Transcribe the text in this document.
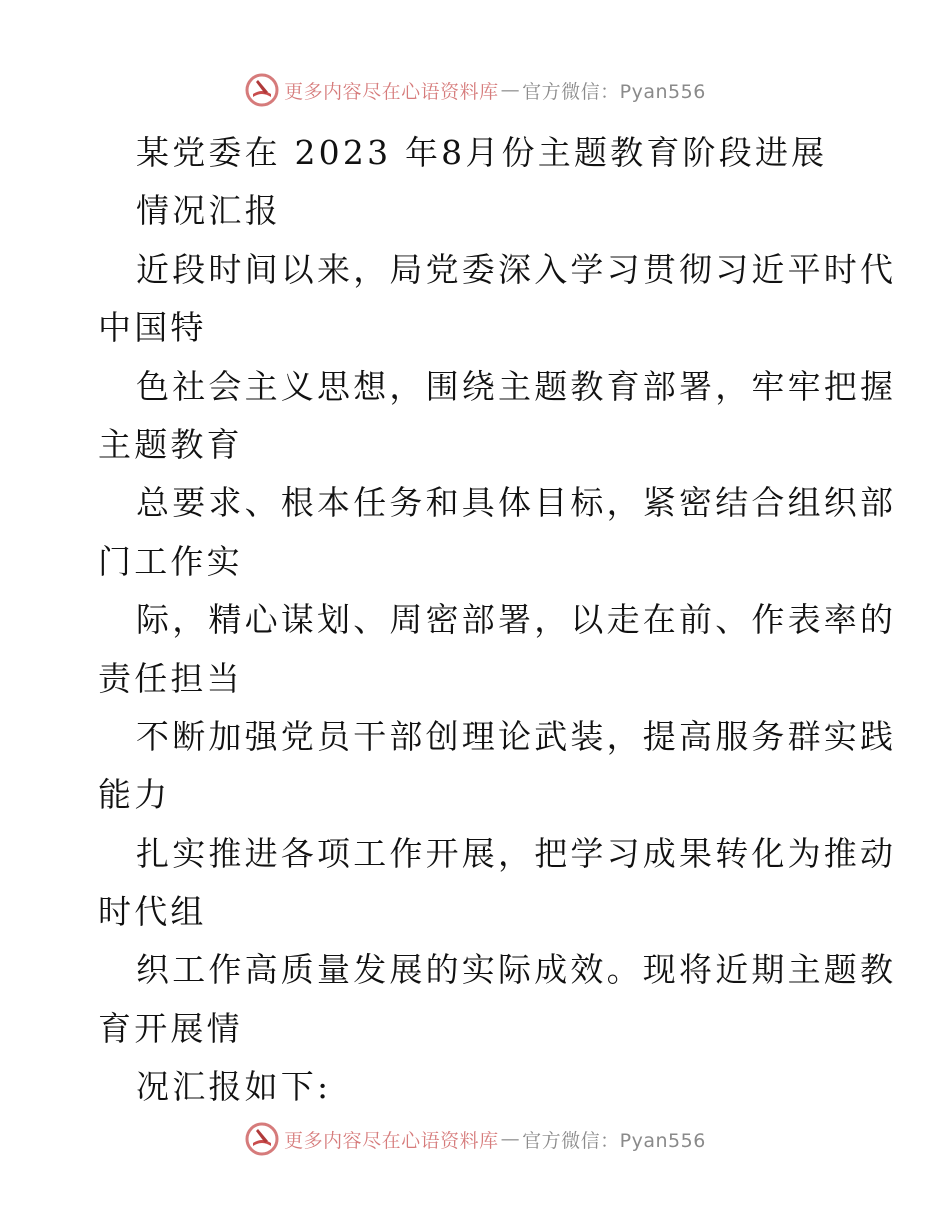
更多内容尽在心语资料库 — 官方微信：Pyan556
某党委在 2023 年8月份主题教育阶段进展
情况汇报
近段时间以来，局党委深入学习贯彻习近平时代
中国特
色社会主义思想，围绕主题教育部署，牢牢把握
主题教育
总要求、根本任务和具体目标，紧密结合组织部
门工作实
际，精心谋划、周密部署，以走在前、作表率的
责任担当
不断加强党员干部创理论武装，提高服务群实践
能力
扎实推进各项工作开展，把学习成果转化为推动
时代组
织工作高质量发展的实际成效。现将近期主题教
育开展情
况汇报如下:
更多内容尽在心语资料库 — 官方微信：Pyan556
